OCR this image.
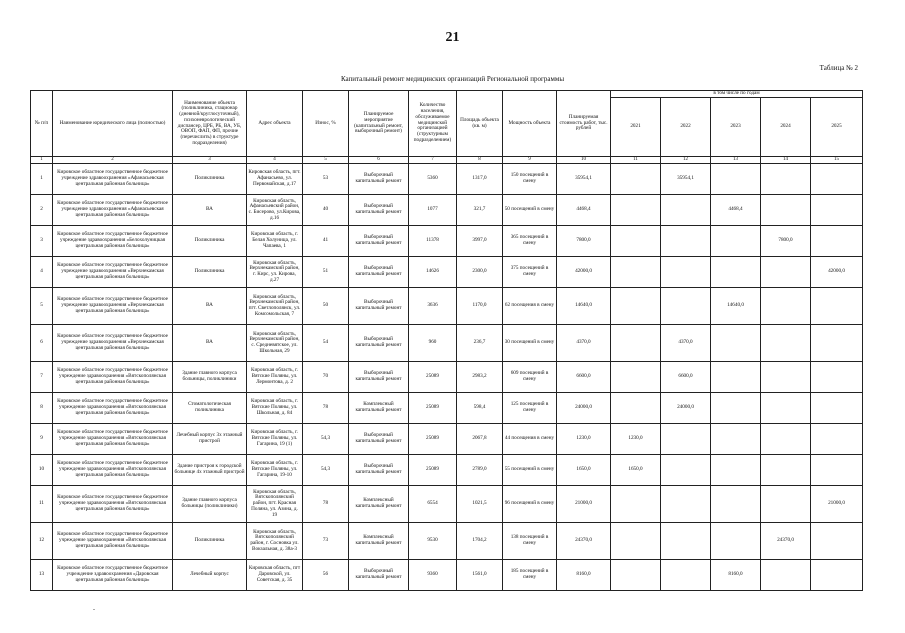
21
Таблица № 2
Капитальный ремонт медицинских организаций Региональной программы
№ п/п	Наименование юридического лица (полностью)	Наименование объекта (поликлиника, стационар (дневной/круглосуточный), психоневрологический диспансер, ЦРБ, РБ, ВА, УБ, ОВОП, ФАП, ФП, прочие (перечислить) в структуре подразделения)	Адрес объекта	Износ, %	Планируемое мероприятие (капитальный ремонт, выборочный ремонт)	Количество населения, обслуживаемое медицинской организацией (структурным подразделением)	Площадь объекта (кв. м)	Мощность объекта	Планируемая стоимость работ, тыс. рублей	в том числе по годам				
										2021	2022	2023	2024	2025
1	2	3	4	5	6	7	8	9	10	11	12	13	14	15
1	Кировское областное государственное бюджетное учреждение здравоохранения «Афанасьевская центральная районная больница»	Поликлиника	Кировская область, пгт. Афанасьево, ул. Первомайская, д.17	53	Выборочный капитальный ремонт	5360	1317,0	150 посещений в смену	35954,1		35954,1			
2	Кировское областное государственное бюджетное учреждение здравоохранения «Афанасьевская центральная районная больница»	ВА	Кировская область, Афанасьевский район, с. Бисерово, ул.Кирова, д.16	40	Выборочный капитальный ремонт	1077	321,7	50 посещений в смену	4468,4			4468,4		
3	Кировское областное государственное бюджетное учреждение здравоохранения «Белохолуницкая центральная районная больница»	Поликлиника	Кировская область, г. Белая Холуница, ул. Чапаева, 1	41	Выборочный капитальный ремонт	11378	3997,0	365 посещений в смену	7800,0				7800,0	
4	Кировское областное государственное бюджетное учреждение здравоохранения «Верхнекамская центральная районная больница»	Поликлиника	Кировская область, Верхнекамский район, г. Кирс, ул. Кирова, д.27	51	Выборочный капитальный ремонт	14626	2300,0	375 посещений в смену	42000,0					42000,0
5	Кировское областное государственное бюджетное учреждение здравоохранения «Верхнекамская центральная районная больница»	ВА	Кировская область, Верхнекамский район, пгт. Светлополянск, ул. Комсомольская, 7	50	Выборочный капитальный ремонт	3636	1170,0	62 посещения в смену	14640,0			14640,0		
6	Кировское областное государственное бюджетное учреждение здравоохранения «Верхнекамская центральная районная больница»	ВА	Кировская область, Верхнекамский район, с. Средневятское, ул. Школьная, 29	54	Выборочный капитальный ремонт	960	236,7	30 посещений в смену	4370,0		4370,0			
7	Кировское областное государственное бюджетное учреждение здравоохранения «Вятскополянская центральная районная больница»	Здание главного корпуса больницы, поликлиники	Кировская область, г. Вятские Поляны, ул. Лермонтова, д. 2	70	Выборочный капитальный ремонт	25089	2983,2	609 посещений в смену	6600,0		6600,0			
8	Кировское областное государственное бюджетное учреждение здравоохранения «Вятскополянская центральная районная больница»	Стоматологическая поликлиника	Кировская область, г. Вятские Поляны, ул. Школьная, д. 84	78	Комплексный капитальный ремонт	25089	598,4	125 посещений в смену	24000,0		24000,0			
9	Кировское областное государственное бюджетное учреждение здравоохранения «Вятскополянская центральная районная больница»	Лечебный корпус 3х этажный пристрой	Кировская область, г. Вятские Поляны, ул. Гагарина, 19 (1)	54,3	Выборочный капитальный ремонт	25089	2067,8	44 посещения в смену	1230,0	1230,0				
10	Кировское областное государственное бюджетное учреждение здравоохранения «Вятскополянская центральная районная больница»	Здание пристроя к городской больнице 4х этажный пристрой	Кировская область, г. Вятские Поляны, ул. Гагарина, 19-10	54,3	Выборочный капитальный ремонт	25089	2789,0	55 посещений в смену	1650,0	1650,0				
11	Кировское областное государственное бюджетное учреждение здравоохранения «Вятскополянская центральная районная больница»	Здание главного корпуса больницы (поликлиники)	Кировская область, Вятскополянский район, пгт. Красная Поляна, ул. Азина, д. 19	78	Комплексный капитальный ремонт	6554	1021,5	96 посещений в смену	21000,0					21000,0
12	Кировское областное государственное бюджетное учреждение здравоохранения «Вятскополянская центральная районная больница»	Поликлиника	Кировская область, Вятскополянский район, г. Сосновка ул. Вокзальная, д. 38а-3	73	Комплексный капитальный ремонт	9530	1704,2	138 посещений в смену	24370,0				24370,0	
13	Кировское областное государственное бюджетное учреждение здравоохранения «Даровская центральная районная больница»	Лечебный корпус	Кировская область, пгт Даровской, ул. Советская, д. 35	56	Выборочный капитальный ремонт	9360	1561,0	185 посещений в смену	8160,0			8160,0		
-
